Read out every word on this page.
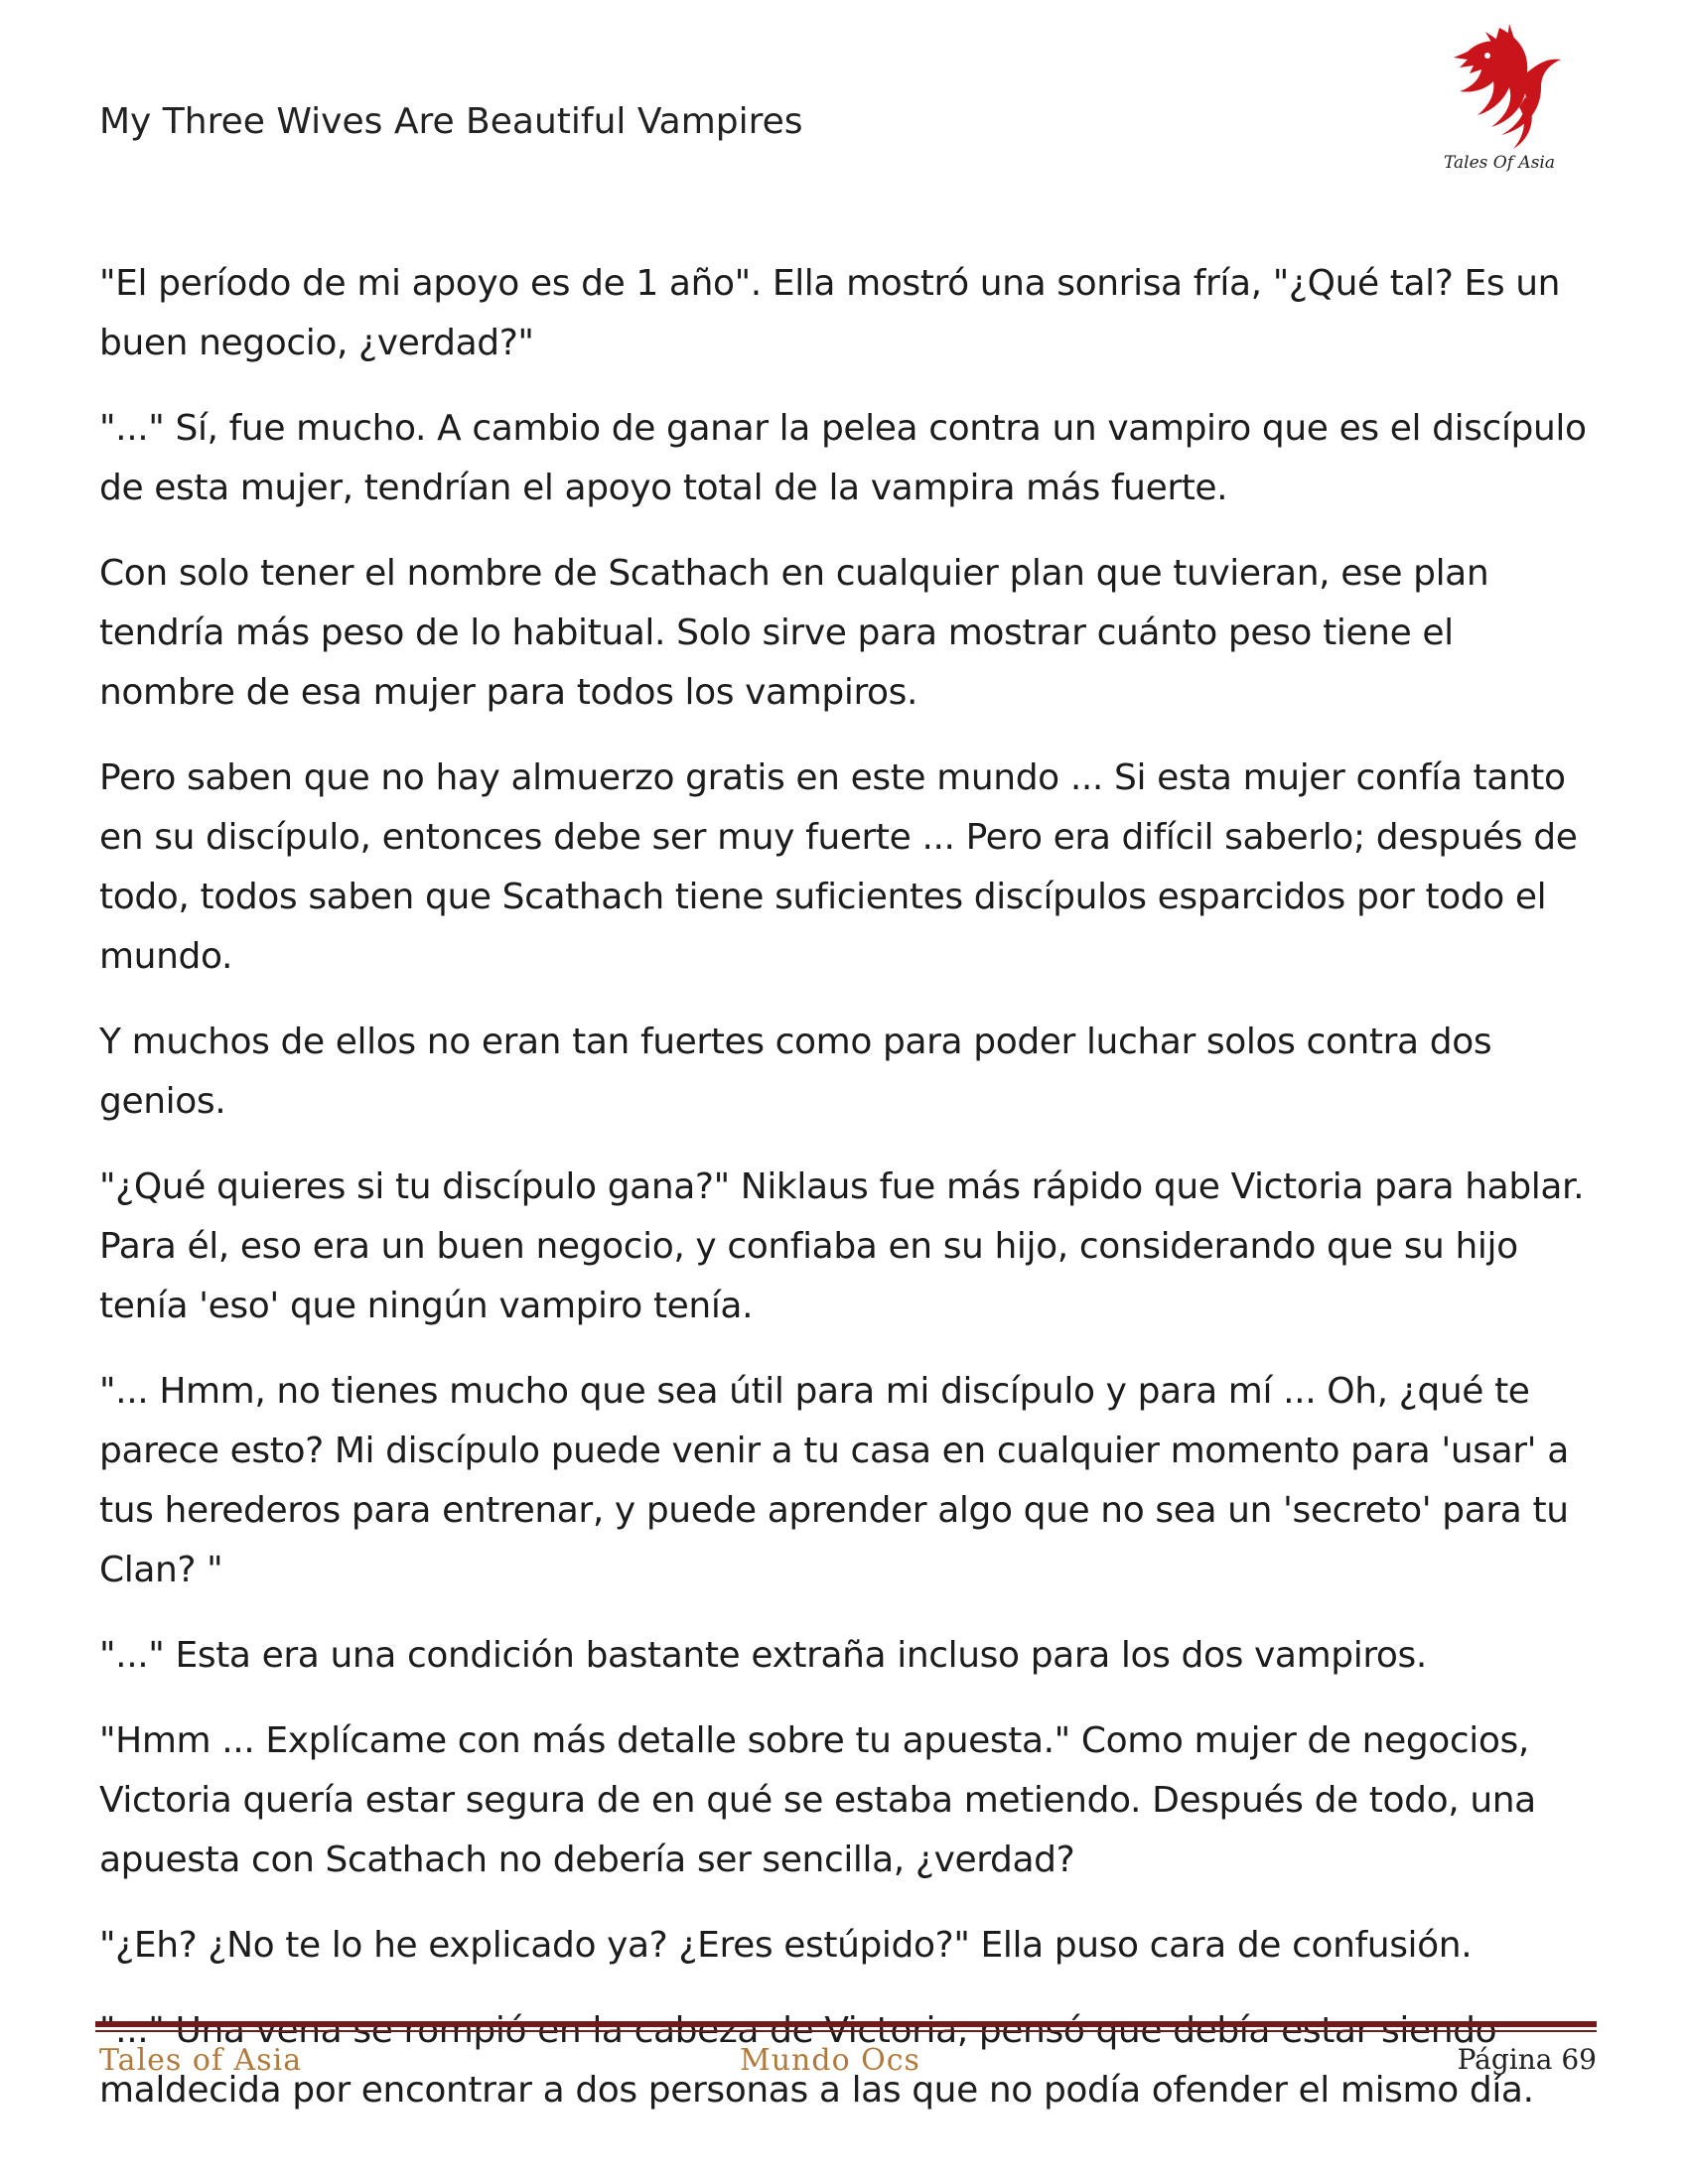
My Three Wives Are Beautiful Vampires
Tales Of Asia

"El período de mi apoyo es de 1 año". Ella mostró una sonrisa fría, "¿Qué tal? Es un buen negocio, ¿verdad?"

"..." Sí, fue mucho. A cambio de ganar la pelea contra un vampiro que es el discípulo de esta mujer, tendrían el apoyo total de la vampira más fuerte.

Con solo tener el nombre de Scathach en cualquier plan que tuvieran, ese plan tendría más peso de lo habitual. Solo sirve para mostrar cuánto peso tiene el nombre de esa mujer para todos los vampiros.

Pero saben que no hay almuerzo gratis en este mundo ... Si esta mujer confía tanto en su discípulo, entonces debe ser muy fuerte ... Pero era difícil saberlo; después de todo, todos saben que Scathach tiene suficientes discípulos esparcidos por todo el mundo.

Y muchos de ellos no eran tan fuertes como para poder luchar solos contra dos genios.

"¿Qué quieres si tu discípulo gana?" Niklaus fue más rápido que Victoria para hablar. Para él, eso era un buen negocio, y confiaba en su hijo, considerando que su hijo tenía 'eso' que ningún vampiro tenía.

"... Hmm, no tienes mucho que sea útil para mi discípulo y para mí ... Oh, ¿qué te parece esto? Mi discípulo puede venir a tu casa en cualquier momento para 'usar' a tus herederos para entrenar, y puede aprender algo que no sea un 'secreto' para tu Clan? "

"..." Esta era una condición bastante extraña incluso para los dos vampiros.

"Hmm ... Explícame con más detalle sobre tu apuesta." Como mujer de negocios, Victoria quería estar segura de en qué se estaba metiendo. Después de todo, una apuesta con Scathach no debería ser sencilla, ¿verdad?

"¿Eh? ¿No te lo he explicado ya? ¿Eres estúpido?" Ella puso cara de confusión.

maldecida por encontrar a dos personas a las que no podía ofender el mismo día.

Tales of Asia	Mundo Ocs	Página 69
